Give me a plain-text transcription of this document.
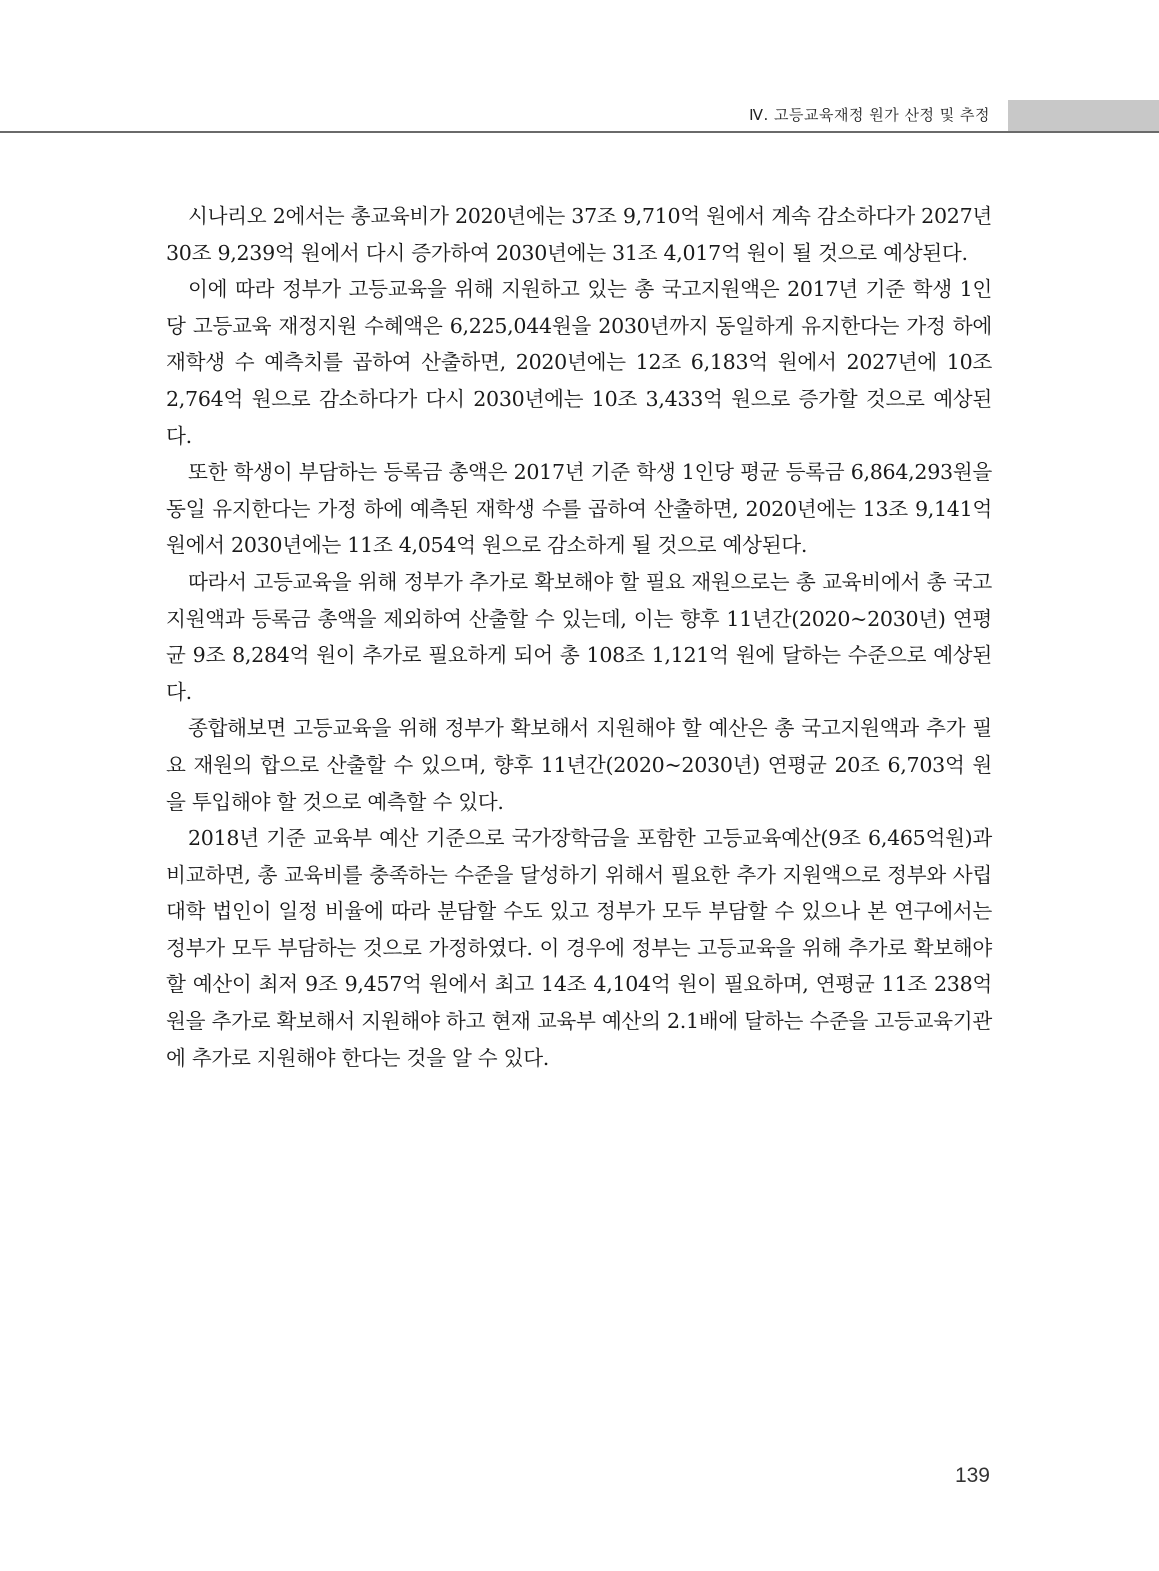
Ⅳ. 고등교육재정 원가 산정 및 추정

시나리오 2에서는 총교육비가 2020년에는 37조 9,710억 원에서 계속 감소하다가 2027년 30조 9,239억 원에서 다시 증가하여 2030년에는 31조 4,017억 원이 될 것으로 예상된다.

이에 따라 정부가 고등교육을 위해 지원하고 있는 총 국고지원액은 2017년 기준 학생 1인당 고등교육 재정지원 수혜액은 6,225,044원을 2030년까지 동일하게 유지한다는 가정 하에 재학생 수 예측치를 곱하여 산출하면, 2020년에는 12조 6,183억 원에서 2027년에 10조 2,764억 원으로 감소하다가 다시 2030년에는 10조 3,433억 원으로 증가할 것으로 예상된다.

또한 학생이 부담하는 등록금 총액은 2017년 기준 학생 1인당 평균 등록금 6,864,293원을 동일 유지한다는 가정 하에 예측된 재학생 수를 곱하여 산출하면, 2020년에는 13조 9,141억 원에서 2030년에는 11조 4,054억 원으로 감소하게 될 것으로 예상된다.

따라서 고등교육을 위해 정부가 추가로 확보해야 할 필요 재원으로는 총 교육비에서 총 국고지원액과 등록금 총액을 제외하여 산출할 수 있는데, 이는 향후 11년간(2020~2030년) 연평균 9조 8,284억 원이 추가로 필요하게 되어 총 108조 1,121억 원에 달하는 수준으로 예상된다.

종합해보면 고등교육을 위해 정부가 확보해서 지원해야 할 예산은 총 국고지원액과 추가 필요 재원의 합으로 산출할 수 있으며, 향후 11년간(2020~2030년) 연평균 20조 6,703억 원을 투입해야 할 것으로 예측할 수 있다.

2018년 기준 교육부 예산 기준으로 국가장학금을 포함한 고등교육예산(9조 6,465억원)과 비교하면, 총 교육비를 충족하는 수준을 달성하기 위해서 필요한 추가 지원액으로 정부와 사립대학 법인이 일정 비율에 따라 분담할 수도 있고 정부가 모두 부담할 수 있으나 본 연구에서는 정부가 모두 부담하는 것으로 가정하였다. 이 경우에 정부는 고등교육을 위해 추가로 확보해야 할 예산이 최저 9조 9,457억 원에서 최고 14조 4,104억 원이 필요하며, 연평균 11조 238억 원을 추가로 확보해서 지원해야 하고 현재 교육부 예산의 2.1배에 달하는 수준을 고등교육기관에 추가로 지원해야 한다는 것을 알 수 있다.

139
